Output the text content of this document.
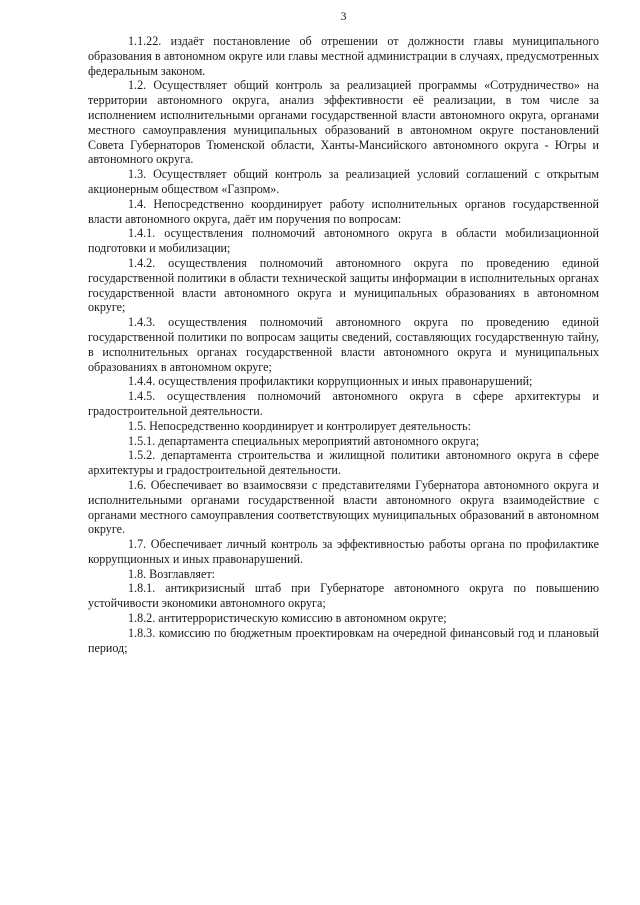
3

1.1.22. издаёт постановление об отрешении от должности главы муниципального образования в автономном округе или главы местной администрации в случаях, предусмотренных федеральным законом.

1.2. Осуществляет общий контроль за реализацией программы «Сотрудничество» на территории автономного округа, анализ эффективности её реализации, в том числе за исполнением исполнительными органами государственной власти автономного округа, органами местного самоуправления муниципальных образований в автономном округе постановлений Совета Губернаторов Тюменской области, Ханты-Мансийского автономного округа - Югры и автономного округа.

1.3. Осуществляет общий контроль за реализацией условий соглашений с открытым акционерным обществом «Газпром».

1.4. Непосредственно координирует работу исполнительных органов государственной власти автономного округа, даёт им поручения по вопросам:

1.4.1. осуществления полномочий автономного округа в области мобилизационной подготовки и мобилизации;

1.4.2. осуществления полномочий автономного округа по проведению единой государственной политики в области технической защиты информации в исполнительных органах государственной власти автономного округа и муниципальных образованиях в автономном округе;

1.4.3. осуществления полномочий автономного округа по проведению единой государственной политики по вопросам защиты сведений, составляющих государственную тайну, в исполнительных органах государственной власти автономного округа и муниципальных образованиях в автономном округе;

1.4.4. осуществления профилактики коррупционных и иных правонарушений;

1.4.5. осуществления полномочий автономного округа в сфере архитектуры и градостроительной деятельности.

1.5. Непосредственно координирует и контролирует деятельность:

1.5.1. департамента специальных мероприятий автономного округа;

1.5.2. департамента строительства и жилищной политики автономного округа в сфере архитектуры и градостроительной деятельности.

1.6. Обеспечивает во взаимосвязи с представителями Губернатора автономного округа и исполнительными органами государственной власти автономного округа взаимодействие с органами местного самоуправления соответствующих муниципальных образований в автономном округе.

1.7. Обеспечивает личный контроль за эффективностью работы органа по профилактике коррупционных и иных правонарушений.

1.8. Возглавляет:

1.8.1. антикризисный штаб при Губернаторе автономного округа по повышению устойчивости экономики автономного округа;

1.8.2. антитеррористическую комиссию в автономном округе;

1.8.3. комиссию по бюджетным проектировкам на очередной финансовый год и плановый период;
